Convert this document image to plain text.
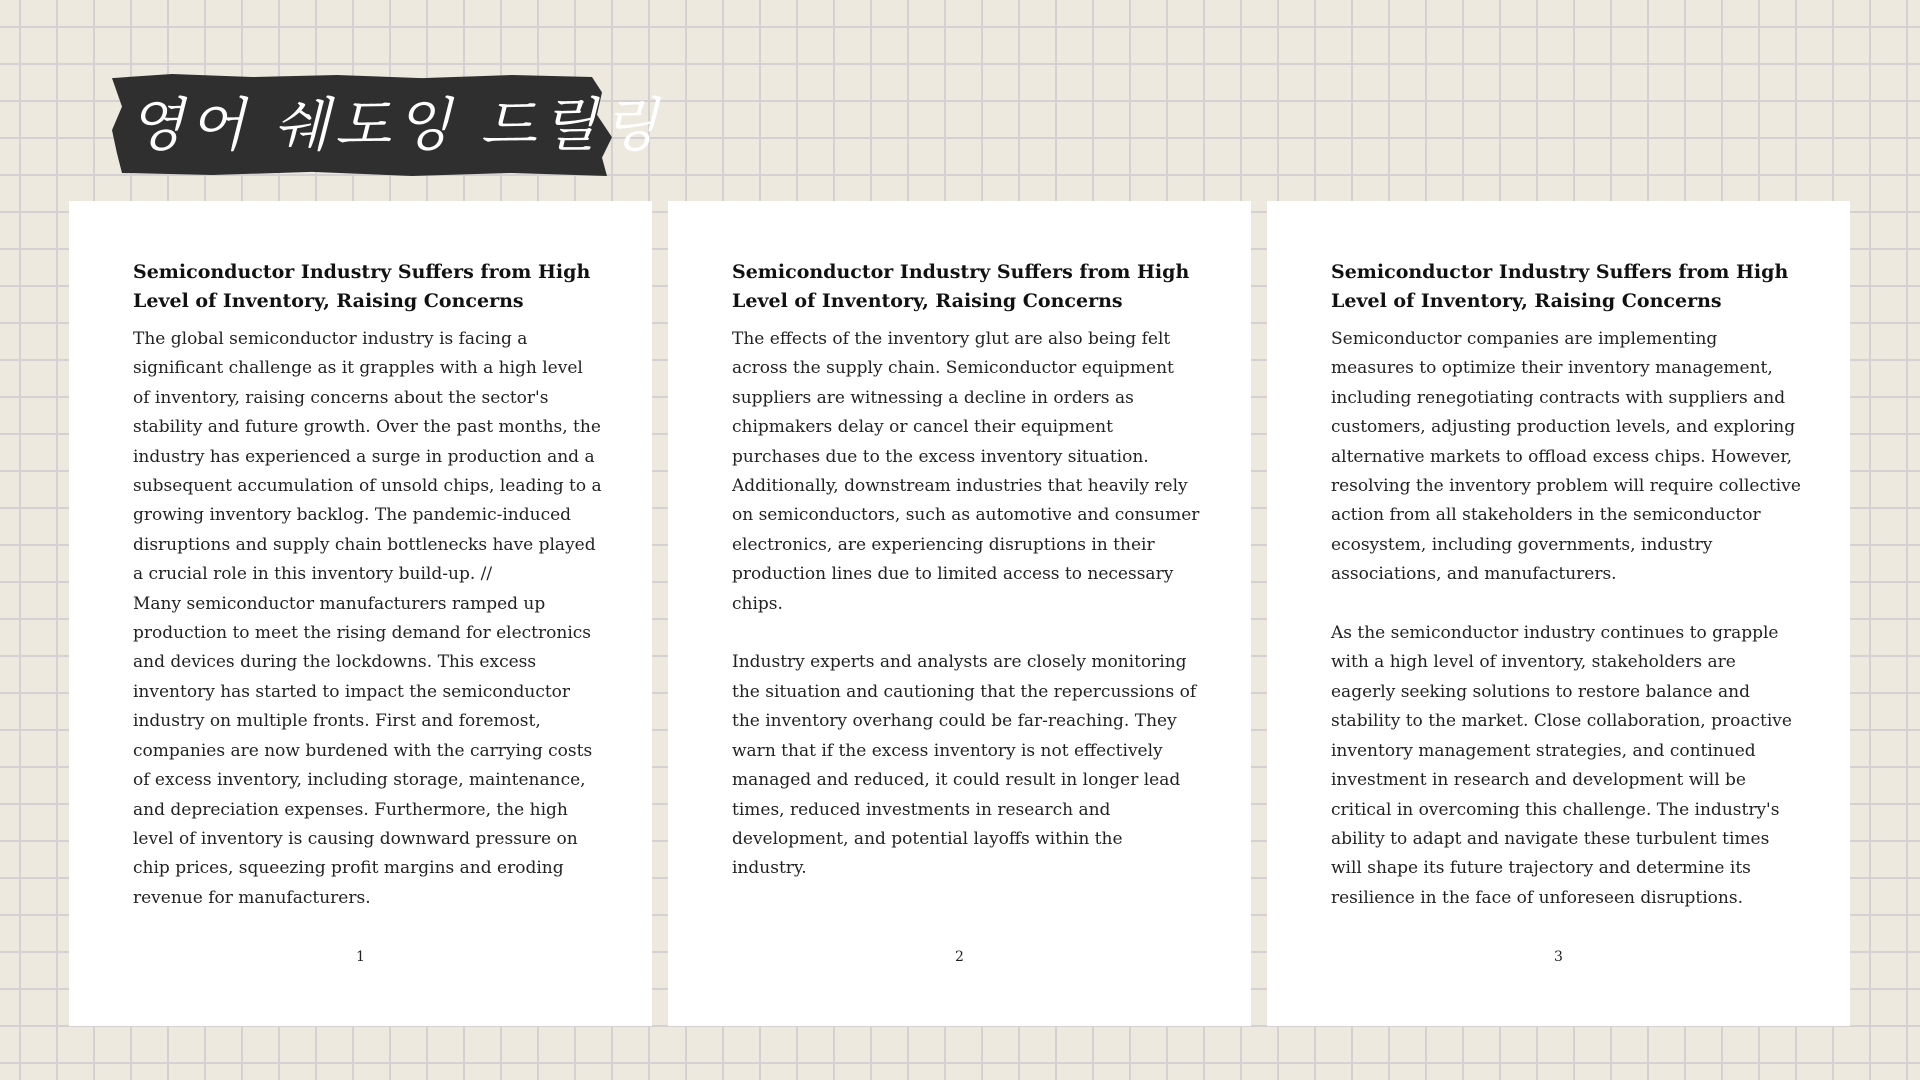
영어 쉐도잉 드릴링
Semiconductor Industry Suffers from High Level of Inventory, Raising Concerns

The global semiconductor industry is facing a significant challenge as it grapples with a high level of inventory, raising concerns about the sector's stability and future growth. Over the past months, the industry has experienced a surge in production and a subsequent accumulation of unsold chips, leading to a growing inventory backlog. The pandemic-induced disruptions and supply chain bottlenecks have played a crucial role in this inventory build-up. //
Many semiconductor manufacturers ramped up production to meet the rising demand for electronics and devices during the lockdowns. This excess inventory has started to impact the semiconductor industry on multiple fronts. First and foremost, companies are now burdened with the carrying costs of excess inventory, including storage, maintenance, and depreciation expenses. Furthermore, the high level of inventory is causing downward pressure on chip prices, squeezing profit margins and eroding revenue for manufacturers.

1
Semiconductor Industry Suffers from High Level of Inventory, Raising Concerns

The effects of the inventory glut are also being felt across the supply chain. Semiconductor equipment suppliers are witnessing a decline in orders as chipmakers delay or cancel their equipment purchases due to the excess inventory situation. Additionally, downstream industries that heavily rely on semiconductors, such as automotive and consumer electronics, are experiencing disruptions in their production lines due to limited access to necessary chips.

Industry experts and analysts are closely monitoring the situation and cautioning that the repercussions of the inventory overhang could be far-reaching. They warn that if the excess inventory is not effectively managed and reduced, it could result in longer lead times, reduced investments in research and development, and potential layoffs within the industry.

2
Semiconductor Industry Suffers from High Level of Inventory, Raising Concerns

Semiconductor companies are implementing measures to optimize their inventory management, including renegotiating contracts with suppliers and customers, adjusting production levels, and exploring alternative markets to offload excess chips. However, resolving the inventory problem will require collective action from all stakeholders in the semiconductor ecosystem, including governments, industry associations, and manufacturers.

As the semiconductor industry continues to grapple with a high level of inventory, stakeholders are eagerly seeking solutions to restore balance and stability to the market. Close collaboration, proactive inventory management strategies, and continued investment in research and development will be critical in overcoming this challenge. The industry's ability to adapt and navigate these turbulent times will shape its future trajectory and determine its resilience in the face of unforeseen disruptions.

3
